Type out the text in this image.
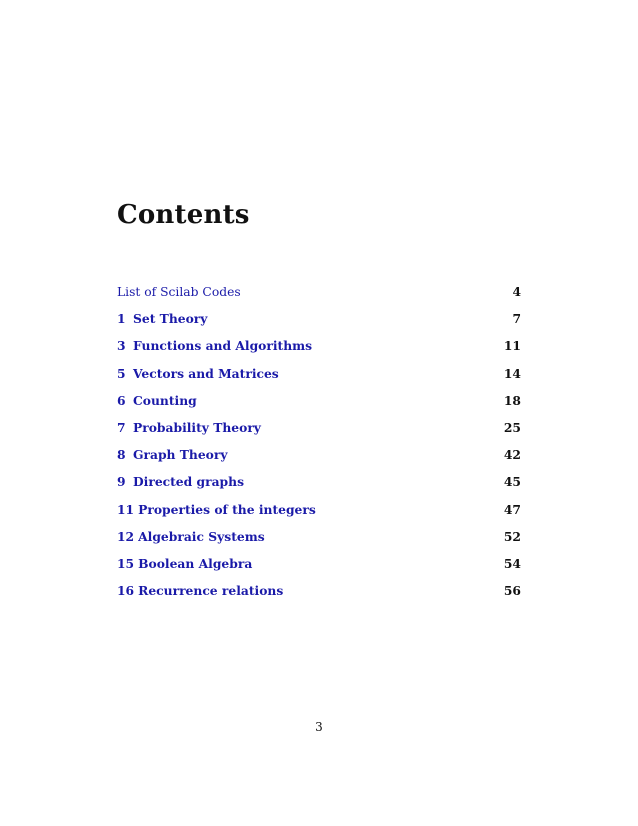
Contents
List of Scilab Codes	4
1 Set Theory	7
3 Functions and Algorithms	11
5 Vectors and Matrices	14
6 Counting	18
7 Probability Theory	25
8 Graph Theory	42
9 Directed graphs	45
11 Properties of the integers	47
12 Algebraic Systems	52
15 Boolean Algebra	54
16 Recurrence relations	56
3
